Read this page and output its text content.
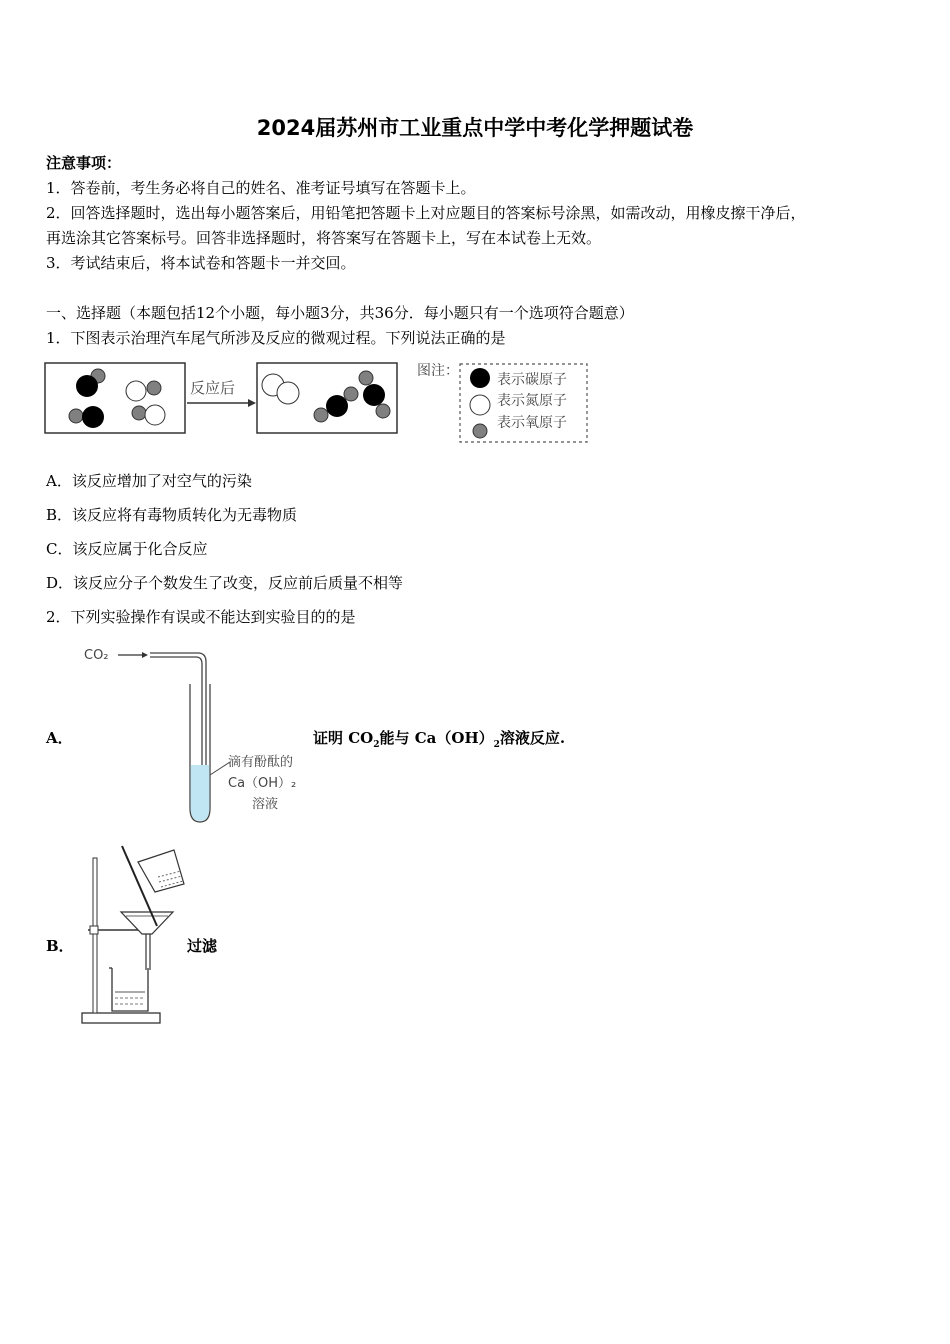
2024届苏州市工业重点中学中考化学押题试卷
注意事项：
1．答卷前，考生务必将自己的姓名、准考证号填写在答题卡上。
2．回答选择题时，选出每小题答案后，用铅笔把答题卡上对应题目的答案标号涂黑，如需改动，用橡皮擦干净后，
再选涂其它答案标号。回答非选择题时，将答案写在答题卡上，写在本试卷上无效。
3．考试结束后，将本试卷和答题卡一并交回。
一、选择题（本题包括12个小题，每小题3分，共36分．每小题只有一个选项符合题意）
1．下图表示治理汽车尾气所涉及反应的微观过程。下列说法正确的是
反应后
图注：
表示碳原子
表示氮原子
表示氧原子
A．该反应增加了对空气的污染
B．该反应将有毒物质转化为无毒物质
C．该反应属于化合反应
D．该反应分子个数发生了改变，反应前后质量不相等
2．下列实验操作有误或不能达到实验目的的是
A．
CO₂
滴有酚酞的
Ca（OH）₂
溶液
证明 $CO_2$能与 $Ca(OH)_2$溶液反应.
B．	过滤
